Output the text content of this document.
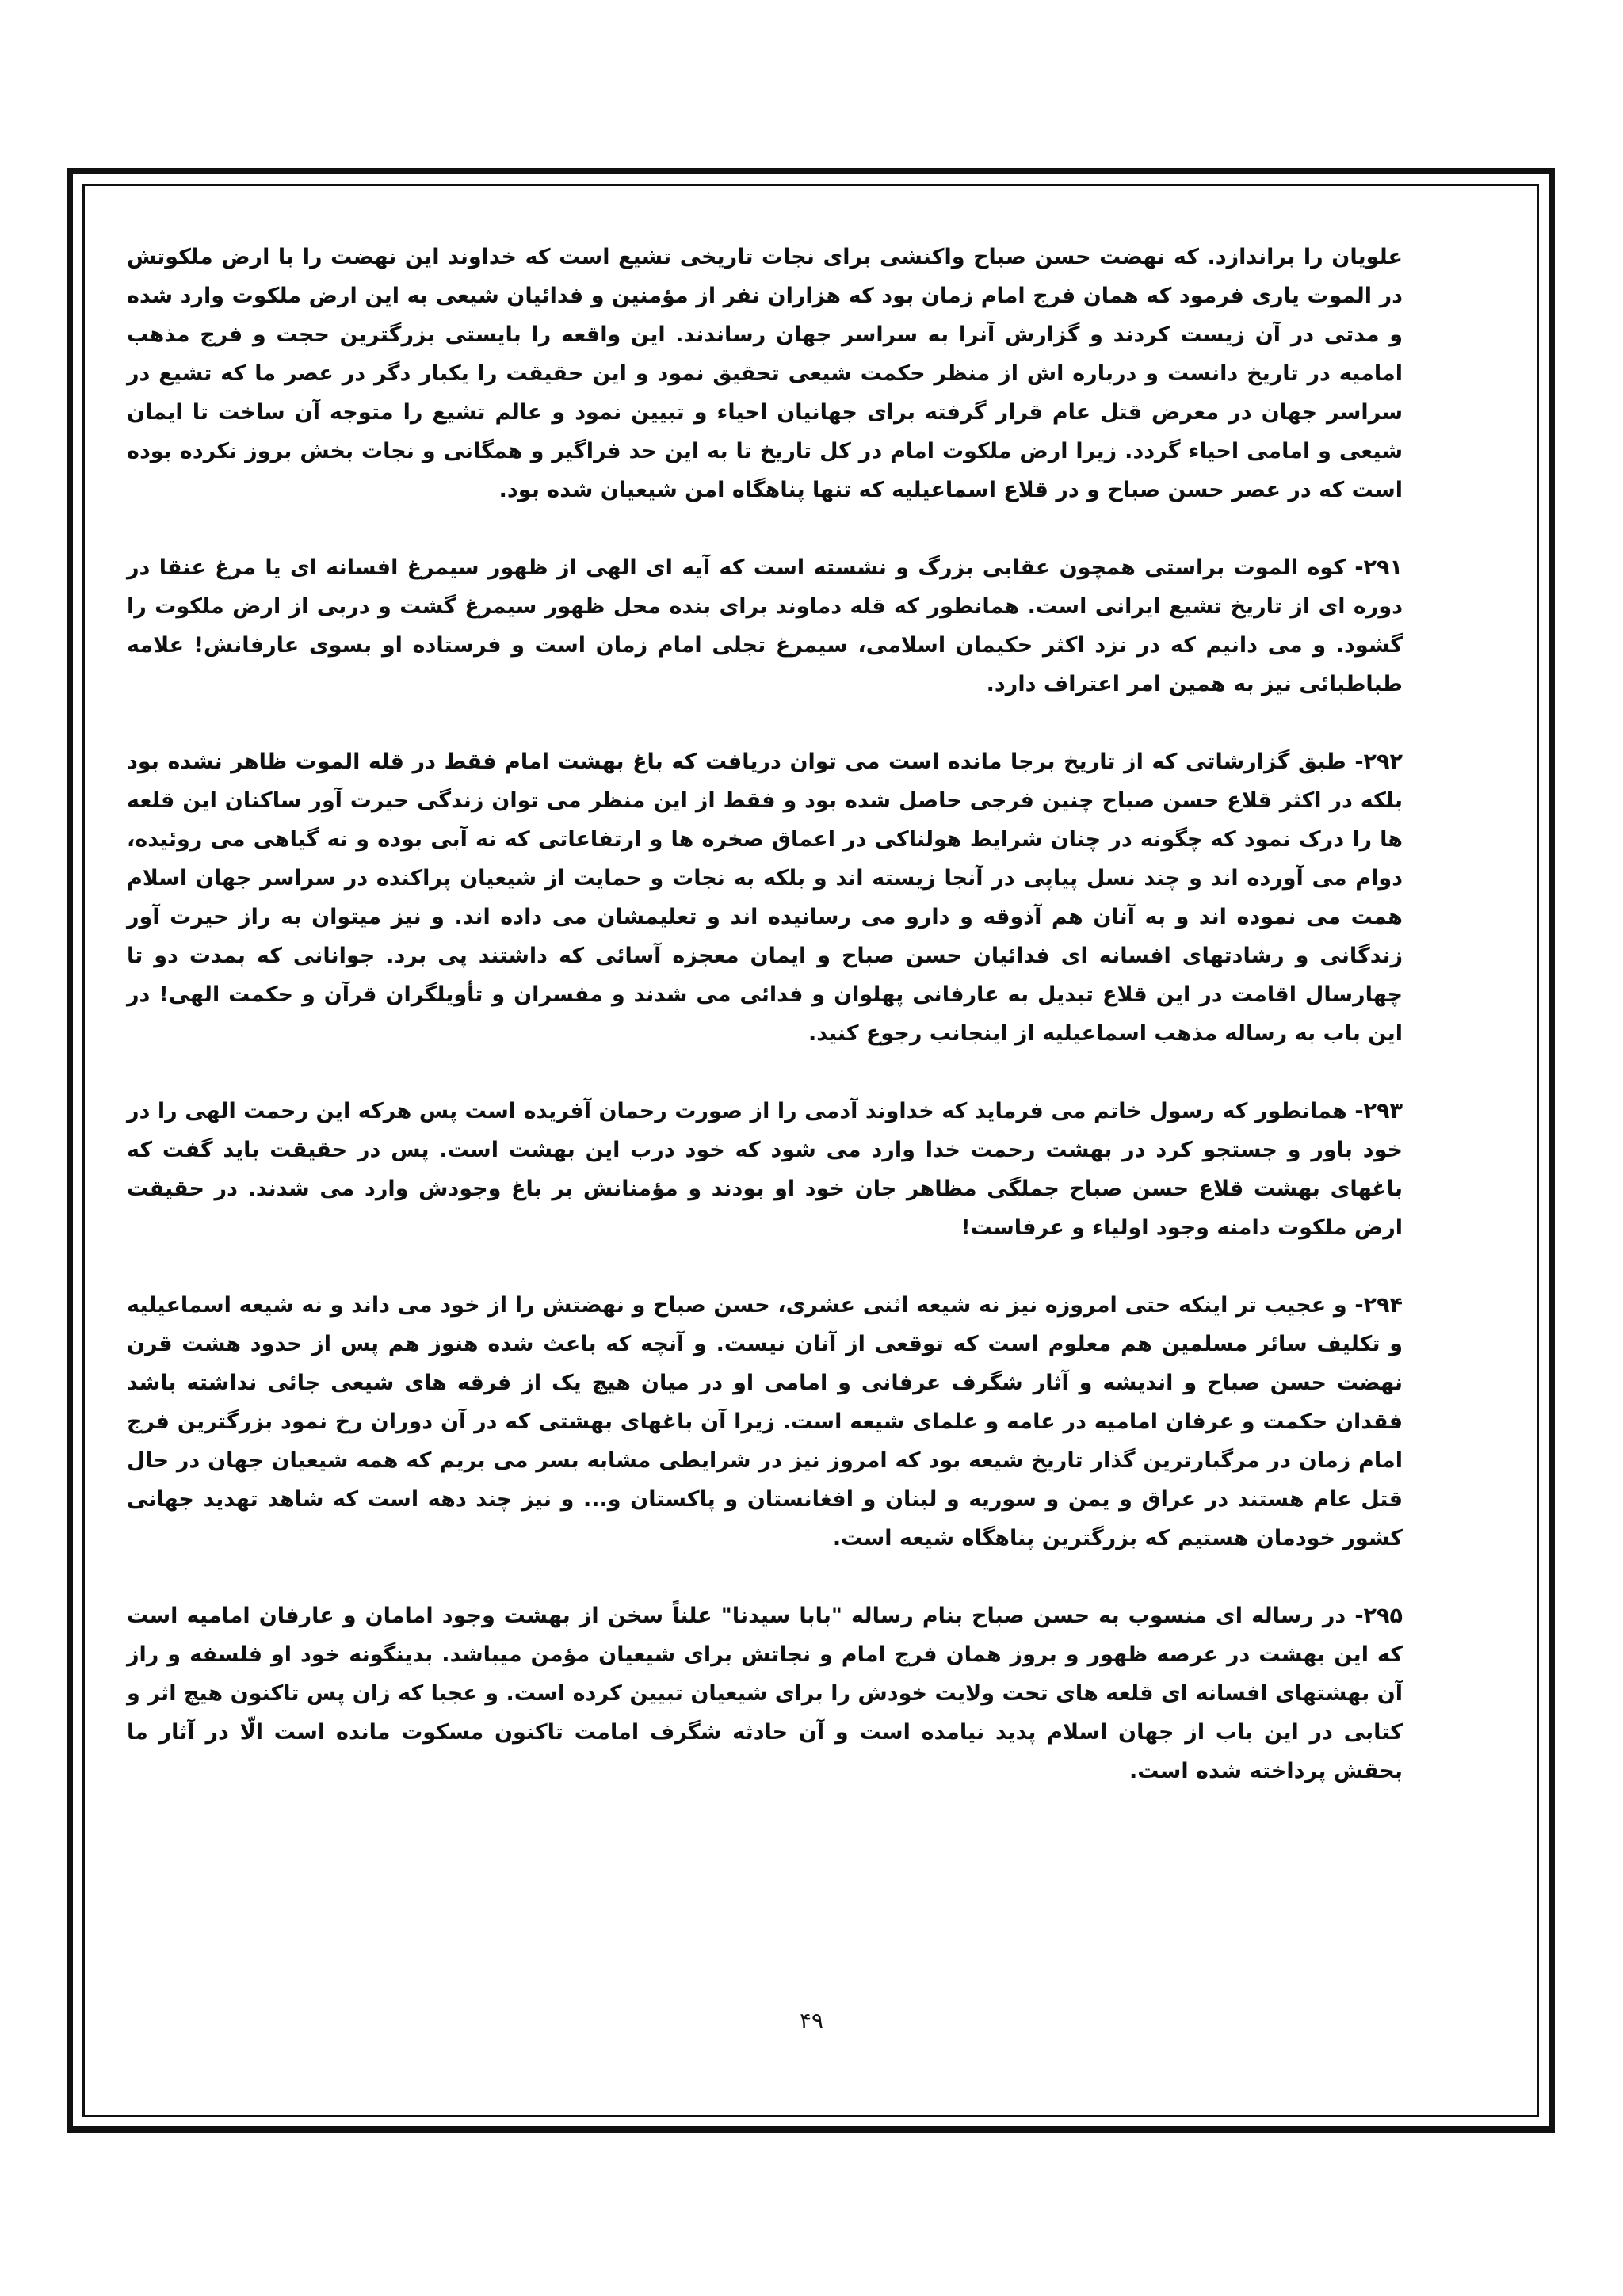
علویان را براندازد. که نهضت حسن صباح واکنشی برای نجات تاریخی تشیع است که خداوند این نهضت را با ارض ملکوتش در الموت یاری فرمود که همان فرج امام زمان بود که هزاران نفر از مؤمنین و فدائیان شیعی به این ارض ملکوت وارد شده و مدتی در آن زیست کردند و گزارش آنرا به سراسر جهان رساندند. این واقعه را بایستی بزرگترین حجت و فرج مذهب امامیه در تاریخ دانست و درباره اش از منظر حکمت شیعی تحقیق نمود و این حقیقت را یکبار دگر در عصر ما که تشیع در سراسر جهان در معرض قتل عام قرار گرفته برای جهانیان احیاء و تبیین نمود و عالم تشیع را متوجه آن ساخت تا ایمان شیعی و امامی احیاء گردد. زیرا ارض ملکوت امام در کل تاریخ تا به این حد فراگیر و همگانی و نجات بخش بروز نکرده بوده است که در عصر حسن صباح و در قلاع اسماعیلیه که تنها پناهگاه امن شیعیان شده بود.

۲۹۱- کوه الموت براستی همچون عقابی بزرگ و نشسته است که آیه ای الهی از ظهور سیمرغ افسانه ای یا مرغ عنقا در دوره ای از تاریخ تشیع ایرانی است. همانطور که قله دماوند برای بنده محل ظهور سیمرغ گشت و دربی از ارض ملکوت را گشود. و می دانیم که در نزد اکثر حکیمان اسلامی، سیمرغ تجلی امام زمان است و فرستاده او بسوی عارفانش! علامه طباطبائی نیز به همین امر اعتراف دارد.

۲۹۲- طبق گزارشاتی که از تاریخ برجا مانده است می توان دریافت که باغ بهشت امام فقط در قله الموت ظاهر نشده بود بلکه در اکثر قلاع حسن صباح چنین فرجی حاصل شده بود و فقط از این منظر می توان زندگی حیرت آور ساکنان این قلعه ها را درک نمود که چگونه در چنان شرایط هولناکی در اعماق صخره ها و ارتفاعاتی که نه آبی بوده و نه گیاهی می روئیده، دوام می آورده اند و چند نسل پیاپی در آنجا زیسته اند و بلکه به نجات و حمایت از شیعیان پراکنده در سراسر جهان اسلام همت می نموده اند و به آنان هم آذوقه و دارو می رسانیده اند و تعلیمشان می داده اند. و نیز میتوان به راز حیرت آور زندگانی و رشادتهای افسانه ای فدائیان حسن صباح و ایمان معجزه آسائی که داشتند پی برد. جوانانی که بمدت دو تا چهارسال اقامت در این قلاع تبدیل به عارفانی پهلوان و فدائی می شدند و مفسران و تأویلگران قرآن و حکمت الهی! در این باب به رساله مذهب اسماعیلیه از اینجانب رجوع کنید.

۲۹۳- همانطور که رسول خاتم می فرماید که خداوند آدمی را از صورت رحمان آفریده است پس هرکه این رحمت الهی را در خود باور و جستجو کرد در بهشت رحمت خدا وارد می شود که خود درب این بهشت است. پس در حقیقت باید گفت که باغهای بهشت قلاع حسن صباح جملگی مظاهر جان خود او بودند و مؤمنانش بر باغ وجودش وارد می شدند. در حقیقت ارض ملکوت دامنه وجود اولیاء و عرفاست!

۲۹۴- و عجیب تر اینکه حتی امروزه نیز نه شیعه اثنی عشری، حسن صباح و نهضتش را از خود می داند و نه شیعه اسماعیلیه و تکلیف سائر مسلمین هم معلوم است که توقعی از آنان نیست. و آنچه که باعث شده هنوز هم پس از حدود هشت قرن نهضت حسن صباح و اندیشه و آثار شگرف عرفانی و امامی او در میان هیچ یک از فرقه های شیعی جائی نداشته باشد فقدان حکمت و عرفان امامیه در عامه و علمای شیعه است. زیرا آن باغهای بهشتی که در آن دوران رخ نمود بزرگترین فرج امام زمان در مرگبارترین گذار تاریخ شیعه بود که امروز نیز در شرایطی مشابه بسر می بریم که همه شیعیان جهان در حال قتل عام هستند در عراق و یمن و سوریه و لبنان و افغانستان و پاکستان و... و نیز چند دهه است که شاهد تهدید جهانی کشور خودمان هستیم که بزرگترین پناهگاه شیعه است.

۲۹۵- در رساله ای منسوب به حسن صباح بنام رساله "بابا سیدنا" علناً سخن از بهشت وجود امامان و عارفان امامیه است که این بهشت در عرصه ظهور و بروز همان فرج امام و نجاتش برای شیعیان مؤمن میباشد. بدینگونه خود او فلسفه و راز آن بهشتهای افسانه ای قلعه های تحت ولایت خودش را برای شیعیان تبیین کرده است. و عجبا که زان پس تاکنون هیچ اثر و کتابی در این باب از جهان اسلام پدید نیامده است و آن حادثه شگرف امامت تاکنون مسکوت مانده است الّا در آثار ما بحقش پرداخته شده است.

۴۹
